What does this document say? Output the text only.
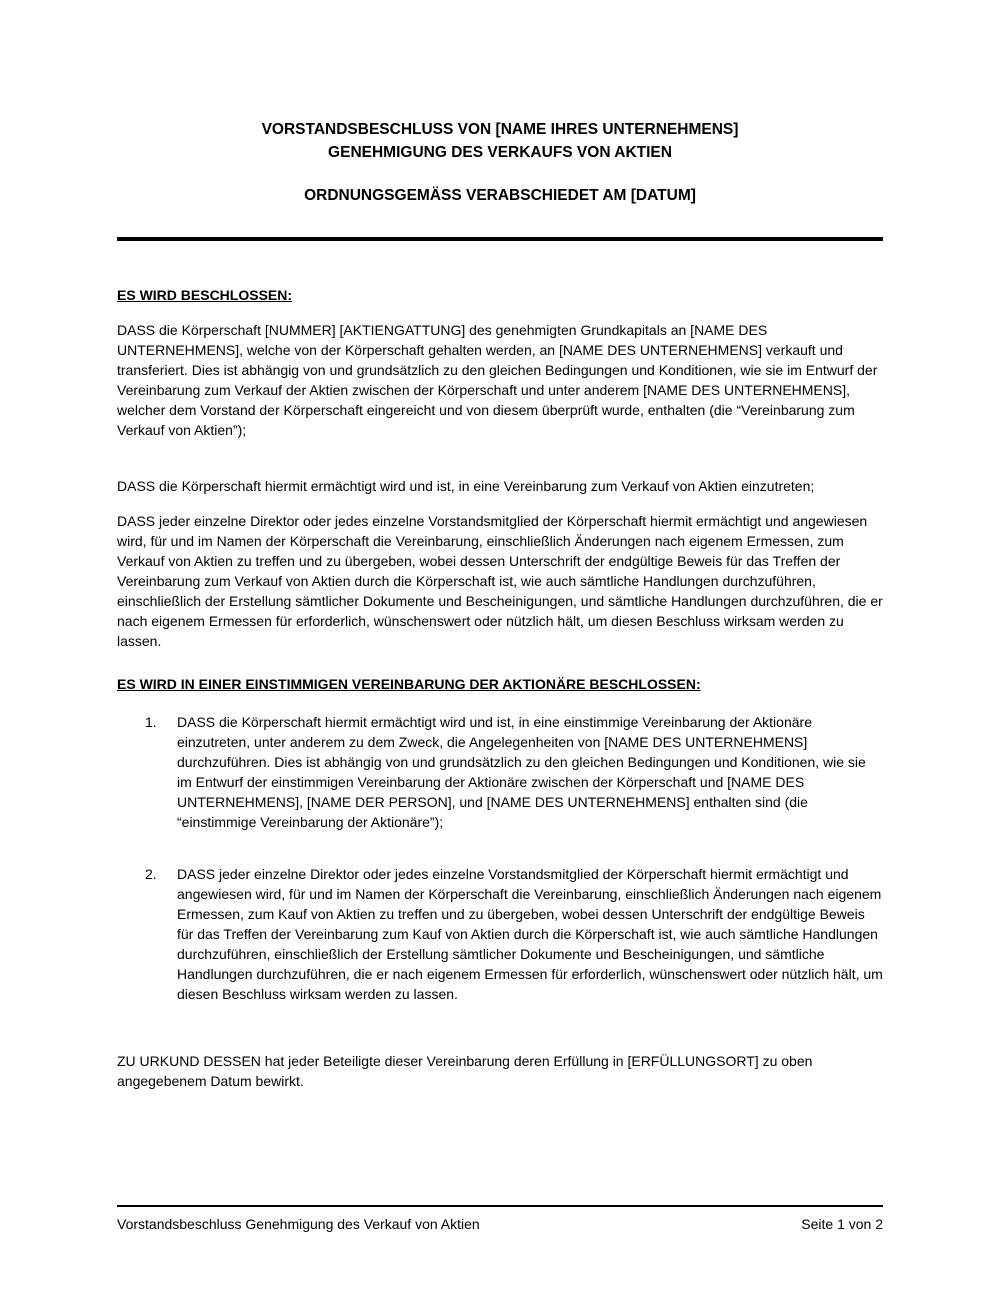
VORSTANDSBESCHLUSS VON [NAME IHRES UNTERNEHMENS]
GENEHMIGUNG DES VERKAUFS VON AKTIEN
ORDNUNGSGEMÄSS VERABSCHIEDET AM [DATUM]
ES WIRD BESCHLOSSEN:

DASS die Körperschaft [NUMMER] [AKTIENGATTUNG] des genehmigten Grundkapitals an [NAME DES UNTERNEHMENS], welche von der Körperschaft gehalten werden, an [NAME DES UNTERNEHMENS] verkauft und transferiert. Dies ist abhängig von und grundsätzlich zu den gleichen Bedingungen und Konditionen, wie sie im Entwurf der Vereinbarung zum Verkauf der Aktien zwischen der Körperschaft und unter anderem [NAME DES UNTERNEHMENS], welcher dem Vorstand der Körperschaft eingereicht und von diesem überprüft wurde, enthalten (die “Vereinbarung zum Verkauf von Aktien”);

DASS die Körperschaft hiermit ermächtigt wird und ist, in eine Vereinbarung zum Verkauf von Aktien einzutreten;

DASS jeder einzelne Direktor oder jedes einzelne Vorstandsmitglied der Körperschaft hiermit ermächtigt und angewiesen wird, für und im Namen der Körperschaft die Vereinbarung, einschließlich Änderungen nach eigenem Ermessen, zum Verkauf von Aktien zu treffen und zu übergeben, wobei dessen Unterschrift der endgültige Beweis für das Treffen der Vereinbarung zum Verkauf von Aktien durch die Körperschaft ist, wie auch sämtliche Handlungen durchzuführen, einschließlich der Erstellung sämtlicher Dokumente und Bescheinigungen, und sämtliche Handlungen durchzuführen, die er nach eigenem Ermessen für erforderlich, wünschenswert oder nützlich hält, um diesen Beschluss wirksam werden zu lassen.

ES WIRD IN EINER EINSTIMMIGEN VEREINBARUNG DER AKTIONÄRE BESCHLOSSEN:
1. DASS die Körperschaft hiermit ermächtigt wird und ist, in eine einstimmige Vereinbarung der Aktionäre einzutreten, unter anderem zu dem Zweck, die Angelegenheiten von [NAME DES UNTERNEHMENS] durchzuführen. Dies ist abhängig von und grundsätzlich zu den gleichen Bedingungen und Konditionen, wie sie im Entwurf der einstimmigen Vereinbarung der Aktionäre zwischen der Körperschaft und [NAME DES UNTERNEHMENS], [NAME DER PERSON], und [NAME DES UNTERNEHMENS] enthalten sind (die “einstimmige Vereinbarung der Aktionäre”);
2. DASS jeder einzelne Direktor oder jedes einzelne Vorstandsmitglied der Körperschaft hiermit ermächtigt und angewiesen wird, für und im Namen der Körperschaft die Vereinbarung, einschließlich Änderungen nach eigenem Ermessen, zum Kauf von Aktien zu treffen und zu übergeben, wobei dessen Unterschrift der endgültige Beweis für das Treffen der Vereinbarung zum Kauf von Aktien durch die Körperschaft ist, wie auch sämtliche Handlungen durchzuführen, einschließlich der Erstellung sämtlicher Dokumente und Bescheinigungen, und sämtliche Handlungen durchzuführen, die er nach eigenem Ermessen für erforderlich, wünschenswert oder nützlich hält, um diesen Beschluss wirksam werden zu lassen.

ZU URKUND DESSEN hat jeder Beteiligte dieser Vereinbarung deren Erfüllung in [ERFÜLLUNGSORT] zu oben angegebenem Datum bewirkt.

Vorstandsbeschluss Genehmigung des Verkauf von Aktien	Seite 1 von 2
